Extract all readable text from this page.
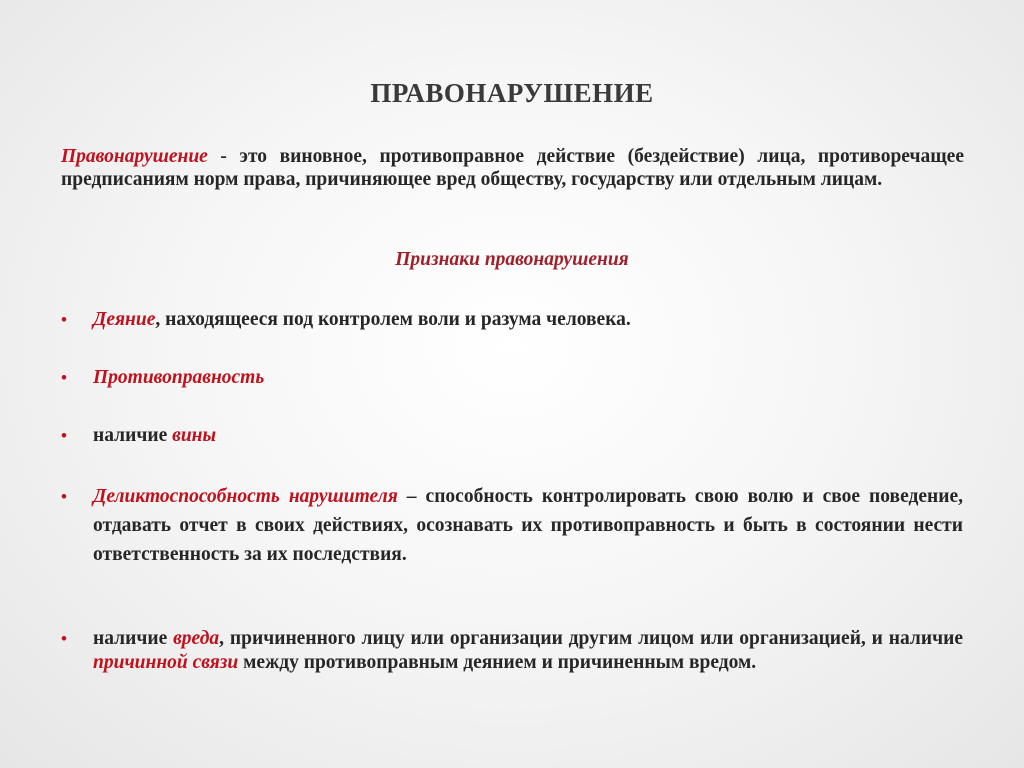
ПРАВОНАРУШЕНИЕ
Правонарушение - это виновное, противоправное действие (бездействие) лица, противоречащее предписаниям норм права, причиняющее вред обществу, государству или отдельным лицам.
Признаки правонарушения
• Деяние, находящееся под контролем воли и разума человека.
• Противоправность
• наличие вины
• Деликтоспособность нарушителя – способность контролировать свою волю и свое поведение, отдавать отчет в своих действиях, осознавать их противоправность и быть в состоянии нести ответственность за их последствия.
• наличие вреда, причиненного лицу или организации другим лицом или организацией, и наличие причинной связи между противоправным деянием и причиненным вредом.
